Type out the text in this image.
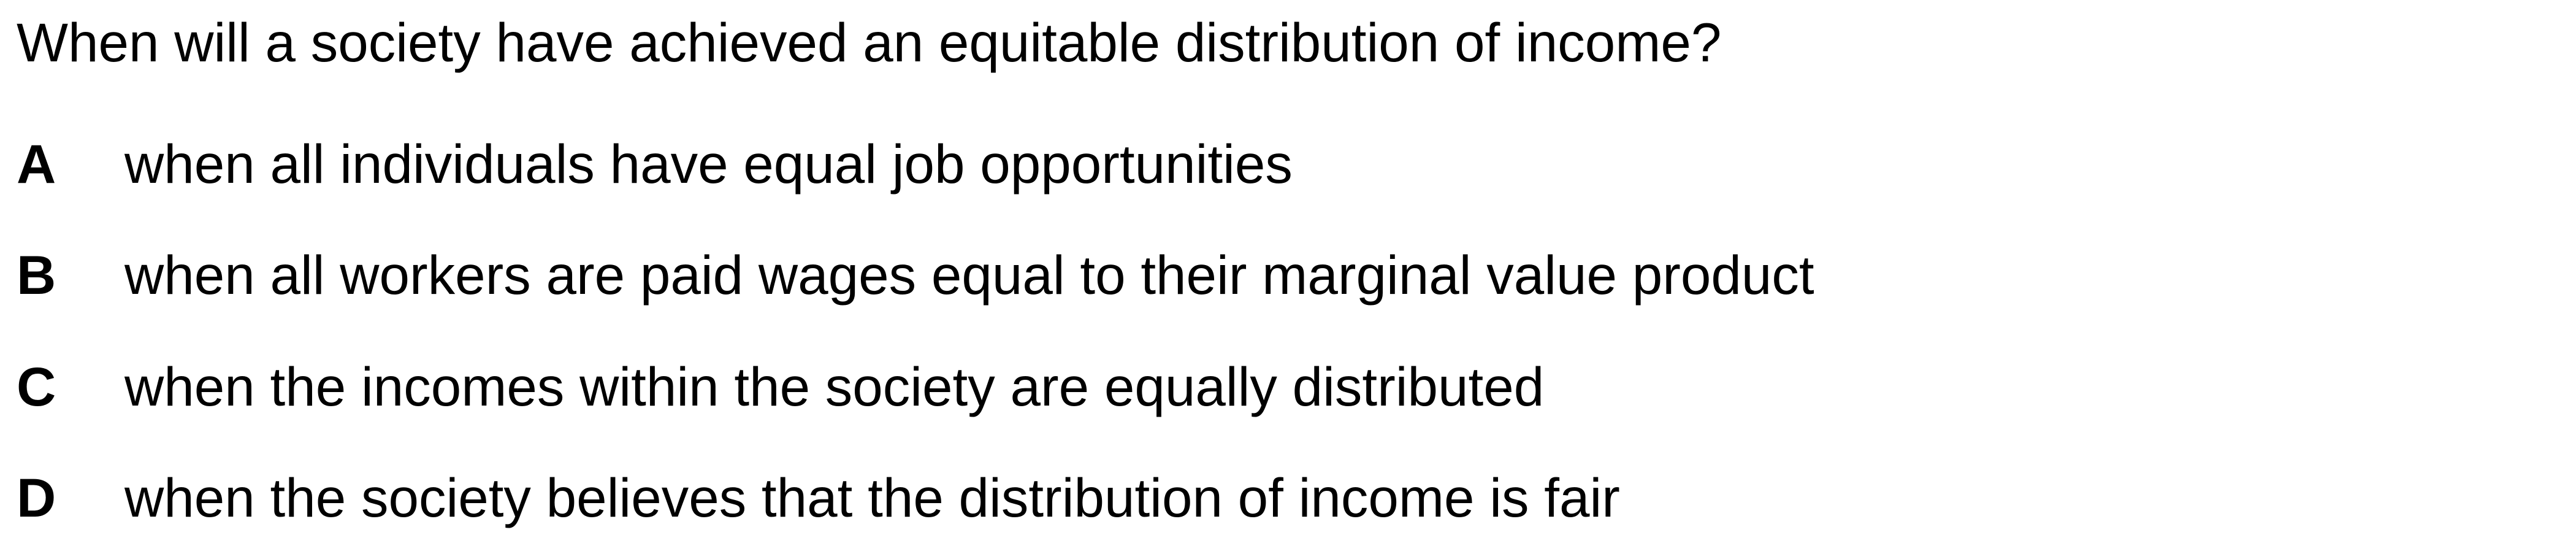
When will a society have achieved an equitable distribution of income?
A when all individuals have equal job opportunities
B when all workers are paid wages equal to their marginal value product
C when the incomes within the society are equally distributed
D when the society believes that the distribution of income is fair
